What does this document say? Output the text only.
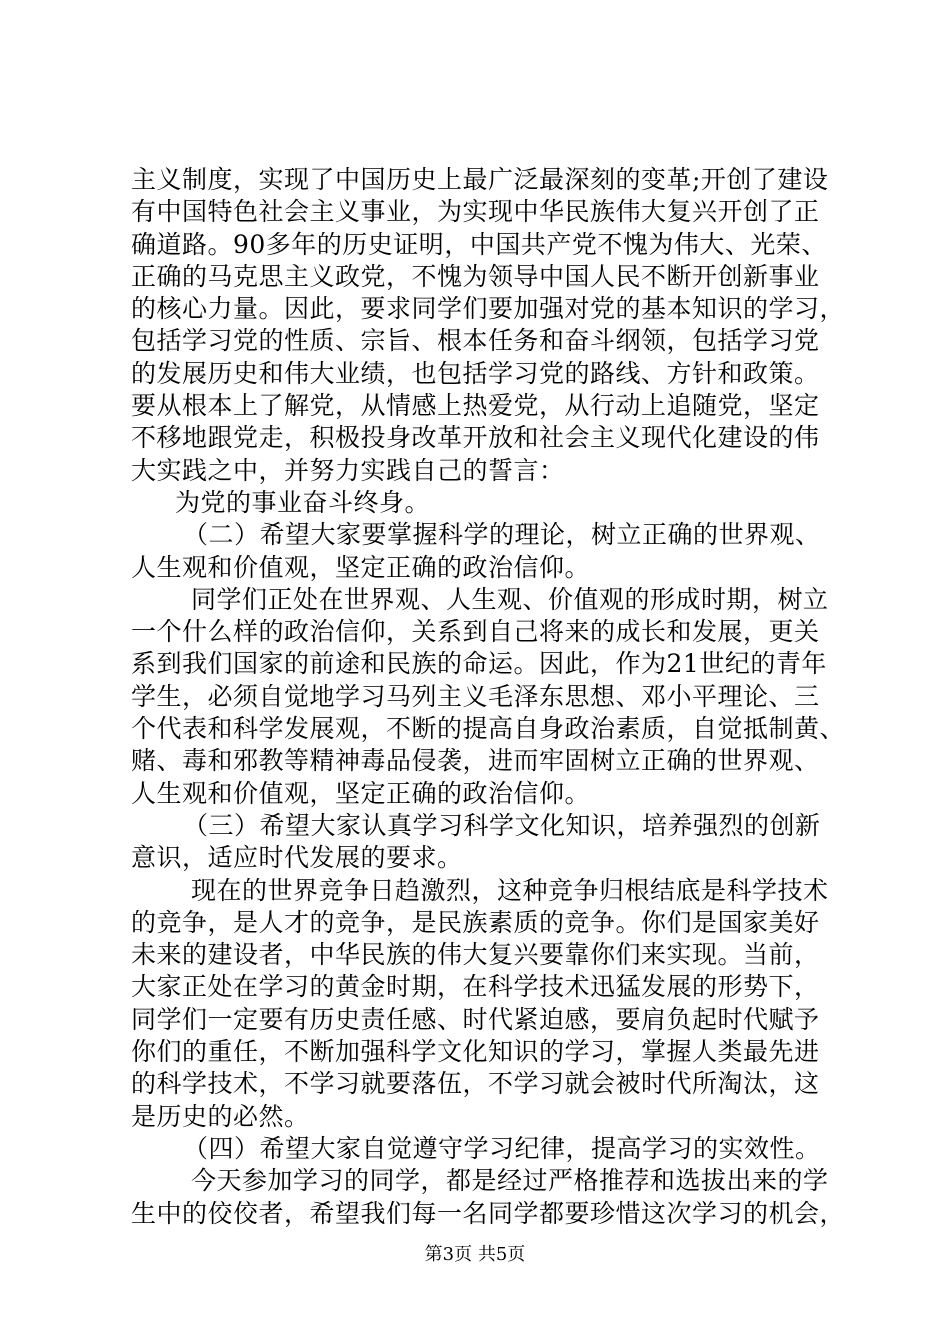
主义制度，实现了中国历史上最广泛最深刻的变革;开创了建设
有中国特色社会主义事业，为实现中华民族伟大复兴开创了正
确道路。90多年的历史证明，中国共产党不愧为伟大、光荣、
正确的马克思主义政党，不愧为领导中国人民不断开创新事业
的核心力量。因此，要求同学们要加强对党的基本知识的学习，
包括学习党的性质、宗旨、根本任务和奋斗纲领，包括学习党
的发展历史和伟大业绩，也包括学习党的路线、方针和政策。
要从根本上了解党，从情感上热爱党，从行动上追随党，坚定
不移地跟党走，积极投身改革开放和社会主义现代化建设的伟
大实践之中，并努力实践自己的誓言：
为党的事业奋斗终身。
（二）希望大家要掌握科学的理论，树立正确的世界观、
人生观和价值观，坚定正确的政治信仰。
同学们正处在世界观、人生观、价值观的形成时期，树立
一个什么样的政治信仰，关系到自己将来的成长和发展，更关
系到我们国家的前途和民族的命运。因此，作为21世纪的青年
学生，必须自觉地学习马列主义毛泽东思想、邓小平理论、三
个代表和科学发展观，不断的提高自身政治素质，自觉抵制黄、
赌、毒和邪教等精神毒品侵袭，进而牢固树立正确的世界观、
人生观和价值观，坚定正确的政治信仰。
（三）希望大家认真学习科学文化知识，培养强烈的创新
意识，适应时代发展的要求。
现在的世界竞争日趋激烈，这种竞争归根结底是科学技术
的竞争，是人才的竞争，是民族素质的竞争。你们是国家美好
未来的建设者，中华民族的伟大复兴要靠你们来实现。当前，
大家正处在学习的黄金时期，在科学技术迅猛发展的形势下，
同学们一定要有历史责任感、时代紧迫感，要肩负起时代赋予
你们的重任，不断加强科学文化知识的学习，掌握人类最先进
的科学技术，不学习就要落伍，不学习就会被时代所淘汰，这
是历史的必然。
（四）希望大家自觉遵守学习纪律，提高学习的实效性。
今天参加学习的同学，都是经过严格推荐和选拔出来的学
生中的佼佼者，希望我们每一名同学都要珍惜这次学习的机会，
第3页 共5页
